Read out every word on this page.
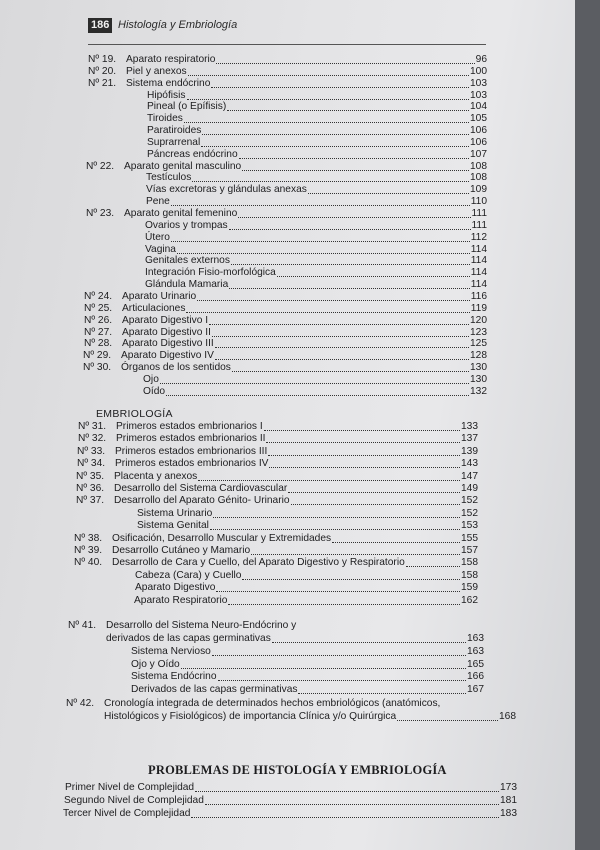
186 Histología y Embriología
Nº 19. Aparato respiratorio	96
Nº 20. Piel y anexos	100
Nº 21. Sistema endócrino	103
Hipófisis	103
Pineal (o Epífisis)	104
Tiroides	105
Paratiroides	106
Suprarrenal	106
Páncreas endócrino	107
Nº 22. Aparato genital masculino	108
Testículos	108
Vías excretoras y glándulas anexas	109
Pene	110
Nº 23. Aparato genital femenino	111
Ovarios y trompas	111
Útero	112
Vagina	114
Genitales externos	114
Integración Fisio-morfológica	114
Glándula Mamaria	114
Nº 24. Aparato Urinario	116
Nº 25. Articulaciones	119
Nº 26. Aparato Digestivo I	120
Nº 27. Aparato Digestivo II	123
Nº 28. Aparato Digestivo III	125
Nº 29. Aparato Digestivo IV	128
Nº 30. Órganos de los sentidos	130
Ojo	130
Oído	132
Nº 31. Primeros estados embrionarios I	133
Nº 32. Primeros estados embrionarios II	137
Nº 33. Primeros estados embrionarios III	139
Nº 34. Primeros estados embrionarios IV	143
Nº 35. Placenta y anexos	147
Nº 36. Desarrollo del Sistema Cardiovascular	149
Nº 37. Desarrollo del Aparato Génito- Urinario	152
Sistema Urinario	152
Sistema Genital	153
Nº 38. Osificación, Desarrollo Muscular y Extremidades	155
Nº 39. Desarrollo Cutáneo y Mamario	157
Nº 40. Desarrollo de Cara y Cuello, del Aparato Digestivo y Respiratorio	158
Cabeza (Cara) y Cuello	158
Aparato Digestivo	159
Aparato Respiratorio	162
Nº 41. Desarrollo del Sistema Neuro-Endócrino y
derivados de las capas germinativas	163
Sistema Nervioso	163
Ojo y Oído	165
Sistema Endócrino	166
Derivados de las capas germinativas	167
Nº 42. Cronología integrada de determinados hechos embriológicos (anatómicos,
Histológicos y Fisiológicos) de importancia Clínica y/o Quirúrgica	168
Primer Nivel de Complejidad	173
Segundo Nivel de Complejidad	181
Tercer Nivel de Complejidad	183
EMBRIOLOGÍA
PROBLEMAS DE HISTOLOGÍA Y EMBRIOLOGÍA
